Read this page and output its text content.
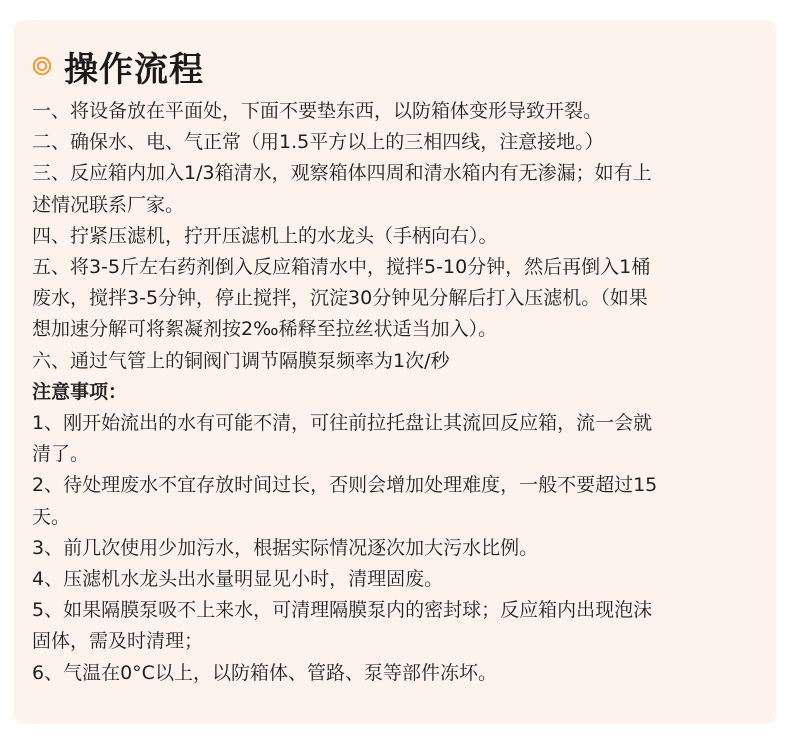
操作流程
一、将设备放在平面处，下面不要垫东西，以防箱体变形导致开裂。
二、确保水、电、气正常（用1.5平方以上的三相四线，注意接地。）
三、反应箱内加入1/3箱清水，观察箱体四周和清水箱内有无渗漏；如有上
述情况联系厂家。
四、拧紧压滤机，拧开压滤机上的水龙头（手柄向右）。
五、将3-5斤左右药剂倒入反应箱清水中，搅拌5-10分钟，然后再倒入1桶
废水，搅拌3-5分钟，停止搅拌，沉淀30分钟见分解后打入压滤机。（如果
想加速分解可将絮凝剂按2‰稀释至拉丝状适当加入）。
六、通过气管上的铜阀门调节隔膜泵频率为1次/秒
注意事项：
1、刚开始流出的水有可能不清，可往前拉托盘让其流回反应箱，流一会就
清了。
2、待处理废水不宜存放时间过长，否则会增加处理难度，一般不要超过15
天。
3、前几次使用少加污水，根据实际情况逐次加大污水比例。
4、压滤机水龙头出水量明显见小时，清理固废。
5、如果隔膜泵吸不上来水，可清理隔膜泵内的密封球；反应箱内出现泡沫
固体，需及时清理；
6、气温在0°C以上，以防箱体、管路、泵等部件冻坏。
